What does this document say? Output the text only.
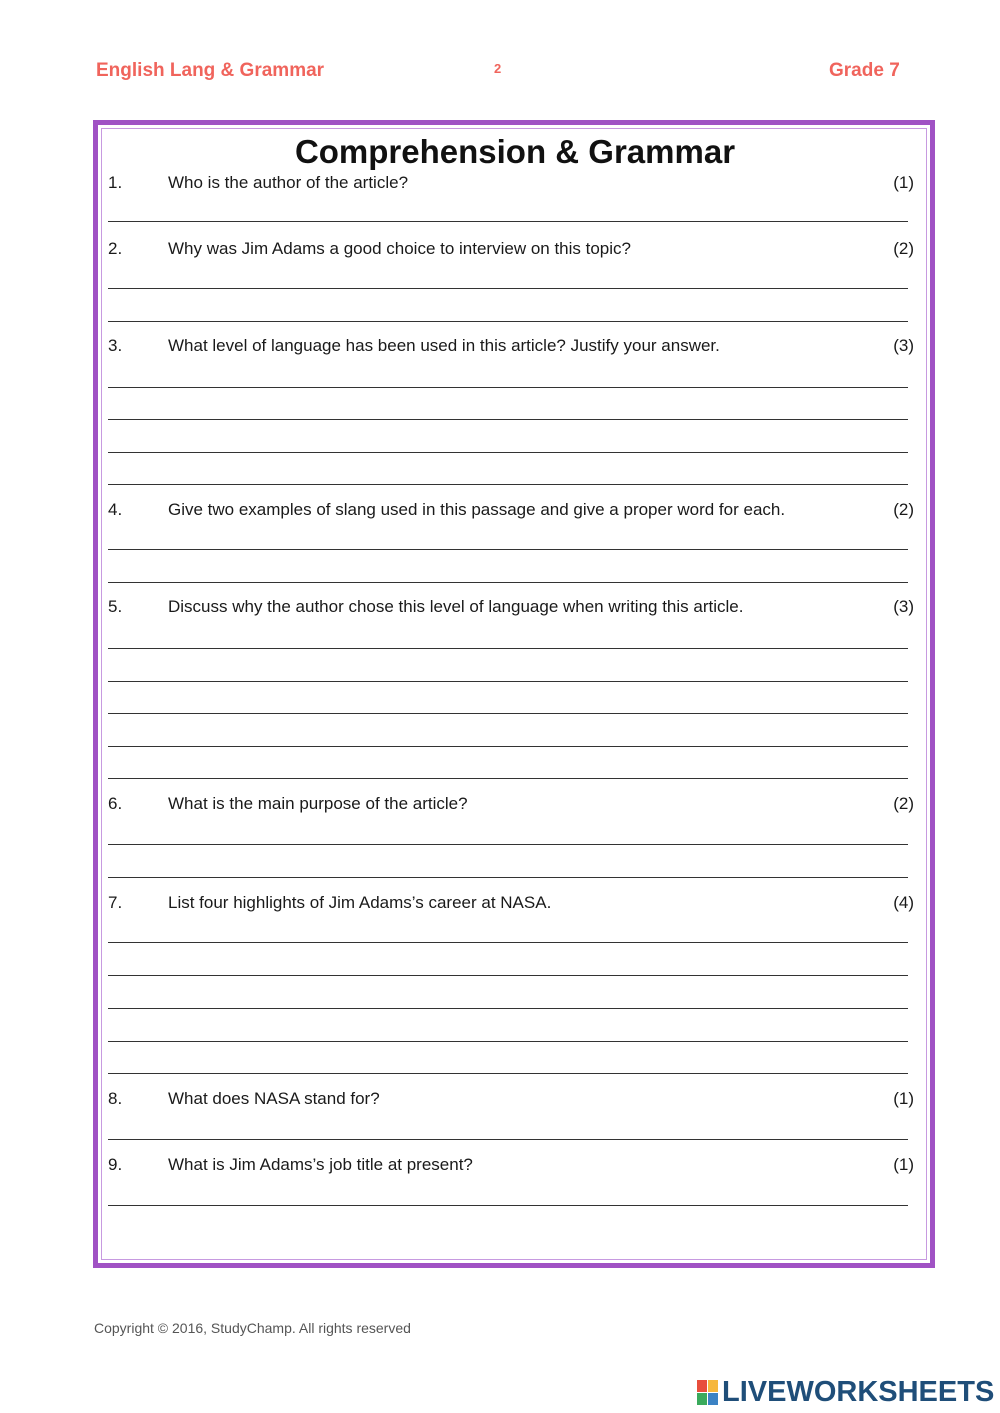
English Lang & Grammar	2	Grade 7
Comprehension & Grammar
1.	Who is the author of the article?	(1)
2.	Why was Jim Adams a good choice to interview on this topic?	(2)
3.	What level of language has been used in this article? Justify your answer.	(3)
4.	Give two examples of slang used in this passage and give a proper word for each.	(2)
5.	Discuss why the author chose this level of language when writing this article.	(3)
6.	What is the main purpose of the article?	(2)
7.	List four highlights of Jim Adams’s career at NASA.	(4)
8.	What does NASA stand for?	(1)
9.	What is Jim Adams’s job title at present?	(1)
Copyright © 2016, StudyChamp. All rights reserved
LIVEWORKSHEETS
